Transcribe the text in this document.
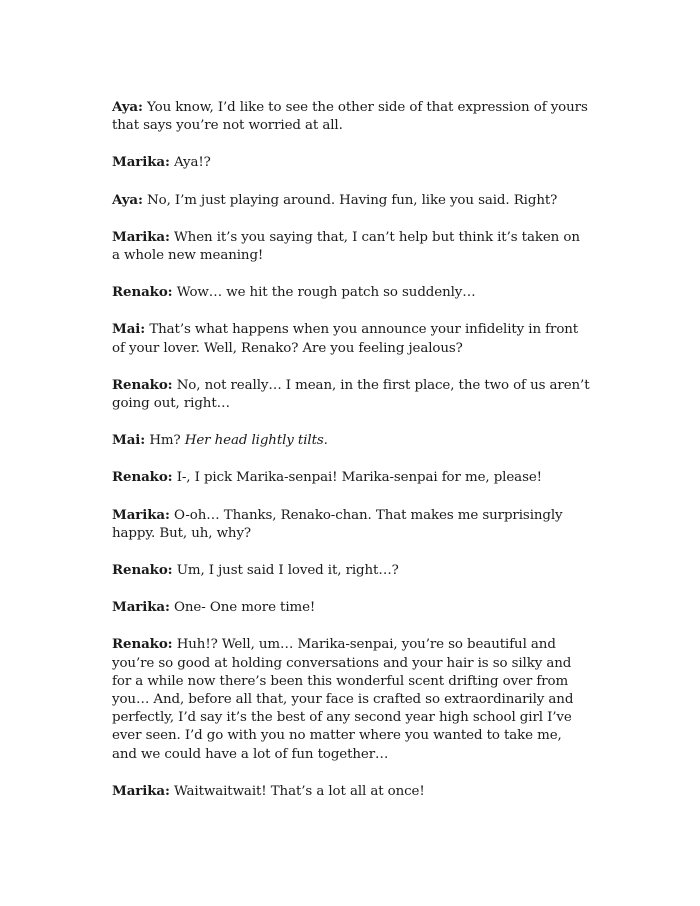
Aya: You know, I’d like to see the other side of that expression of yours that says you’re not worried at all.

Marika: Aya!?

Aya: No, I’m just playing around. Having fun, like you said. Right?

Marika: When it’s you saying that, I can’t help but think it’s taken on a whole new meaning!

Renako: Wow… we hit the rough patch so suddenly…

Mai: That’s what happens when you announce your infidelity in front of your lover. Well, Renako? Are you feeling jealous?

Renako: No, not really… I mean, in the first place, the two of us aren’t going out, right…

Mai: Hm? Her head lightly tilts.

Renako: I-, I pick Marika-senpai! Marika-senpai for me, please!

Marika: O-oh… Thanks, Renako-chan. That makes me surprisingly happy. But, uh, why?

Renako: Um, I just said I loved it, right…?

Marika: One- One more time!

Renako: Huh!? Well, um… Marika-senpai, you’re so beautiful and you’re so good at holding conversations and your hair is so silky and for a while now there’s been this wonderful scent drifting over from you… And, before all that, your face is crafted so extraordinarily and perfectly, I’d say it’s the best of any second year high school girl I’ve ever seen. I’d go with you no matter where you wanted to take me, and we could have a lot of fun together…

Marika: Waitwaitwait! That’s a lot all at once!
